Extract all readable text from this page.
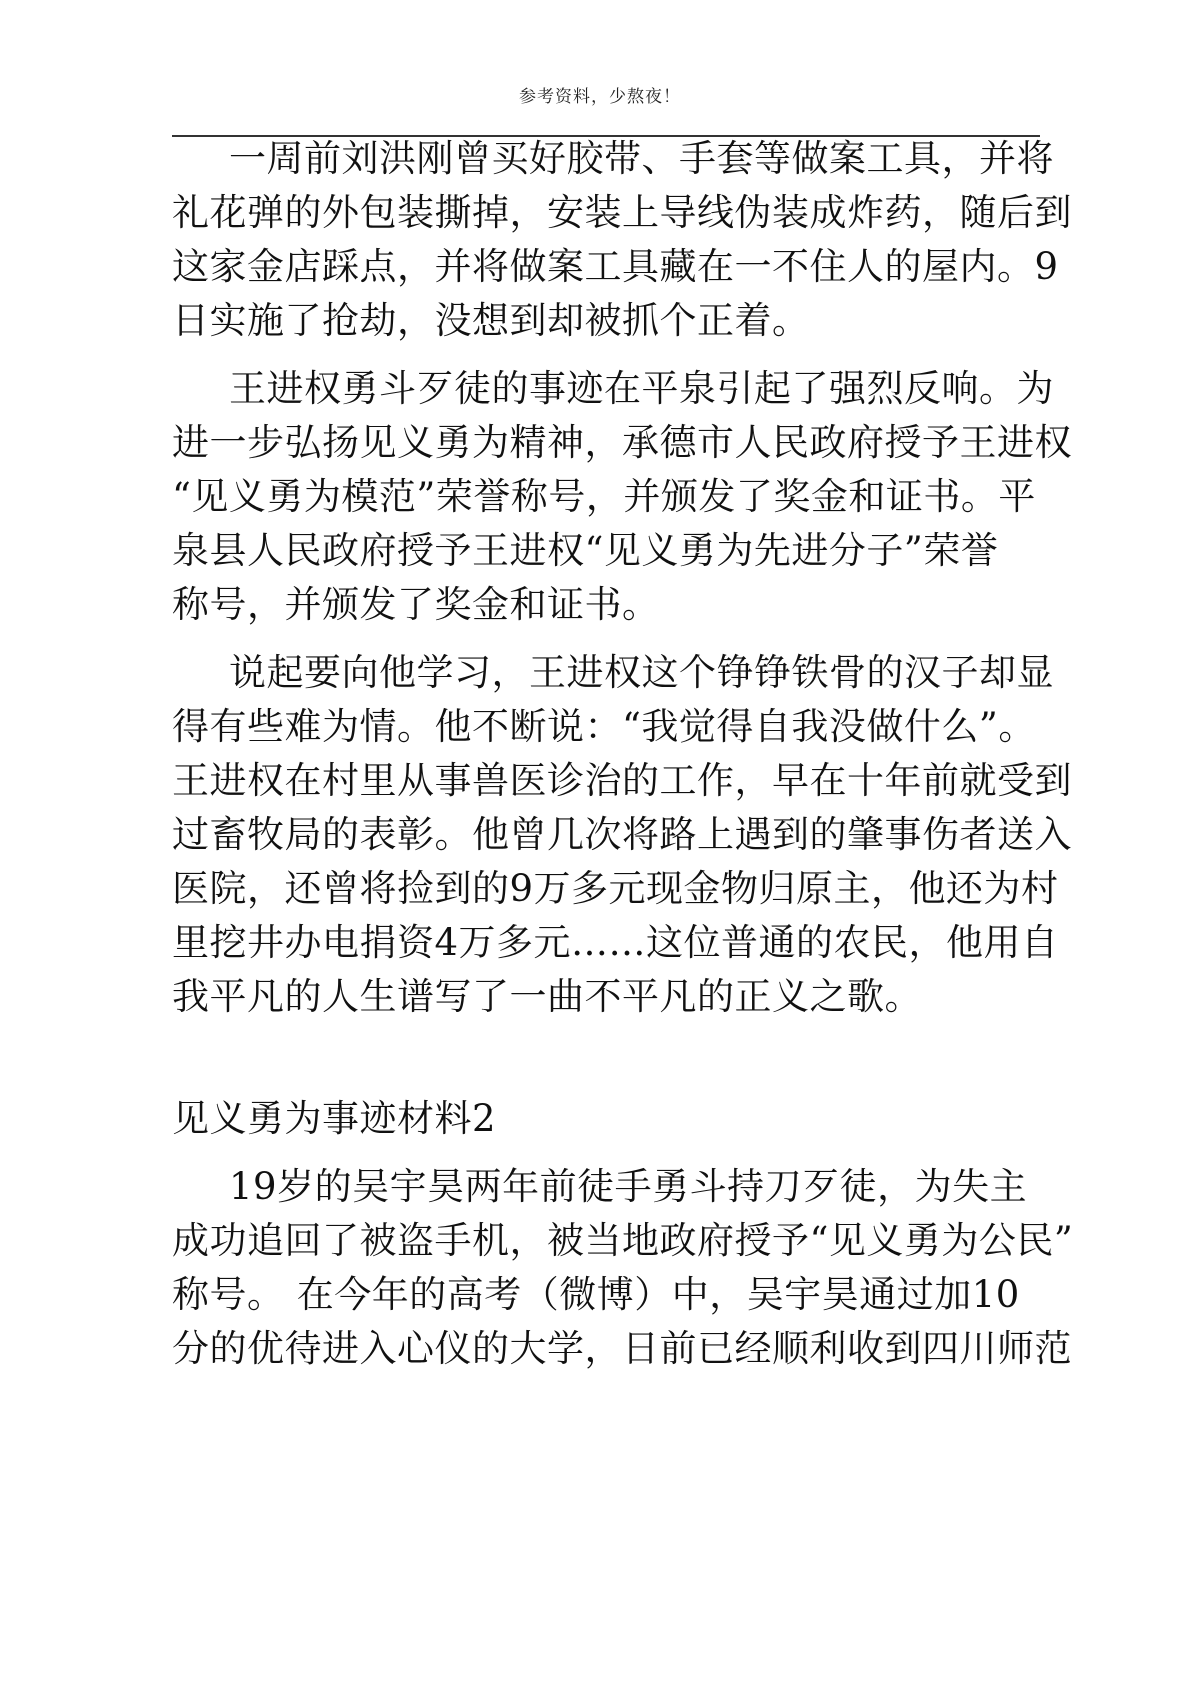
参考资料，少熬夜！
一周前刘洪刚曾买好胶带、手套等做案工具，并将
礼花弹的外包装撕掉，安装上导线伪装成炸药，随后到
这家金店踩点，并将做案工具藏在一不住人的屋内。9
日实施了抢劫，没想到却被抓个正着。
王进权勇斗歹徒的事迹在平泉引起了强烈反响。为
进一步弘扬见义勇为精神，承德市人民政府授予王进权
“见义勇为模范”荣誉称号，并颁发了奖金和证书。平
泉县人民政府授予王进权“见义勇为先进分子”荣誉
称号，并颁发了奖金和证书。
说起要向他学习，王进权这个铮铮铁骨的汉子却显
得有些难为情。他不断说：“我觉得自我没做什么”。
王进权在村里从事兽医诊治的工作，早在十年前就受到
过畜牧局的表彰。他曾几次将路上遇到的肇事伤者送入
医院，还曾将捡到的9万多元现金物归原主，他还为村
里挖井办电捐资4万多元……这位普通的农民，他用自
我平凡的人生谱写了一曲不平凡的正义之歌。
见义勇为事迹材料2
19岁的吴宇昊两年前徒手勇斗持刀歹徒，为失主
成功追回了被盗手机，被当地政府授予“见义勇为公民”
称号。 在今年的高考（微博）中，吴宇昊通过加10
分的优待进入心仪的大学，日前已经顺利收到四川师范
